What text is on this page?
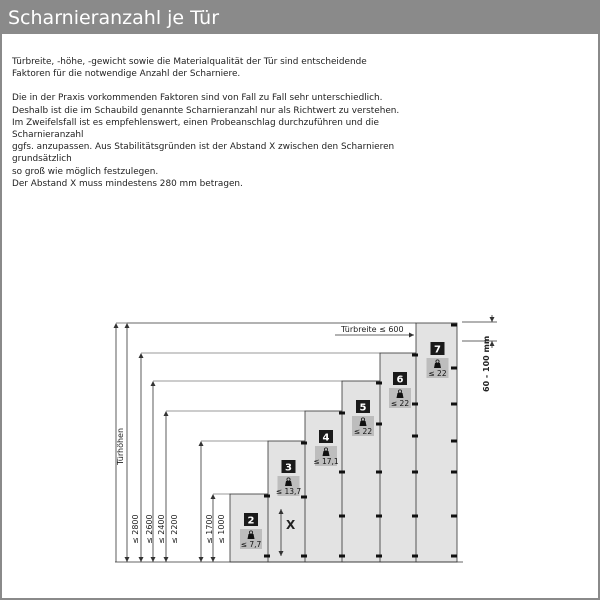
Scharnieranzahl je Tür

Türbreite, -höhe, -gewicht sowie die Materialqualität der Tür sind entscheidende
Faktoren für die notwendige Anzahl der Scharniere.

Die in der Praxis vorkommenden Faktoren sind von Fall zu Fall sehr unterschiedlich.
Deshalb ist die im Schaubild genannte Scharnieranzahl nur als Richtwert zu verstehen.
Im Zweifelsfall ist es empfehlenswert, einen Probeanschlag durchzuführen und die Scharnieranzahl
ggfs. anzupassen. Aus Stabilitätsgründen ist der Abstand X zwischen den Scharnieren grundsätzlich
so groß wie möglich festzulegen.
Der Abstand X muss mindestens 280 mm betragen.

2
≤ 7,7
≤ 1000
3
≤ 13,7
≤ 1700
4
≤ 17,1
≤ 2200
5
≤ 22
≤ 2400
6
≤ 22
≤ 2600
7
≤ 22
≤ 2800
Türhöhen
Türbreite ≤ 600
60 - 100 mm
X
